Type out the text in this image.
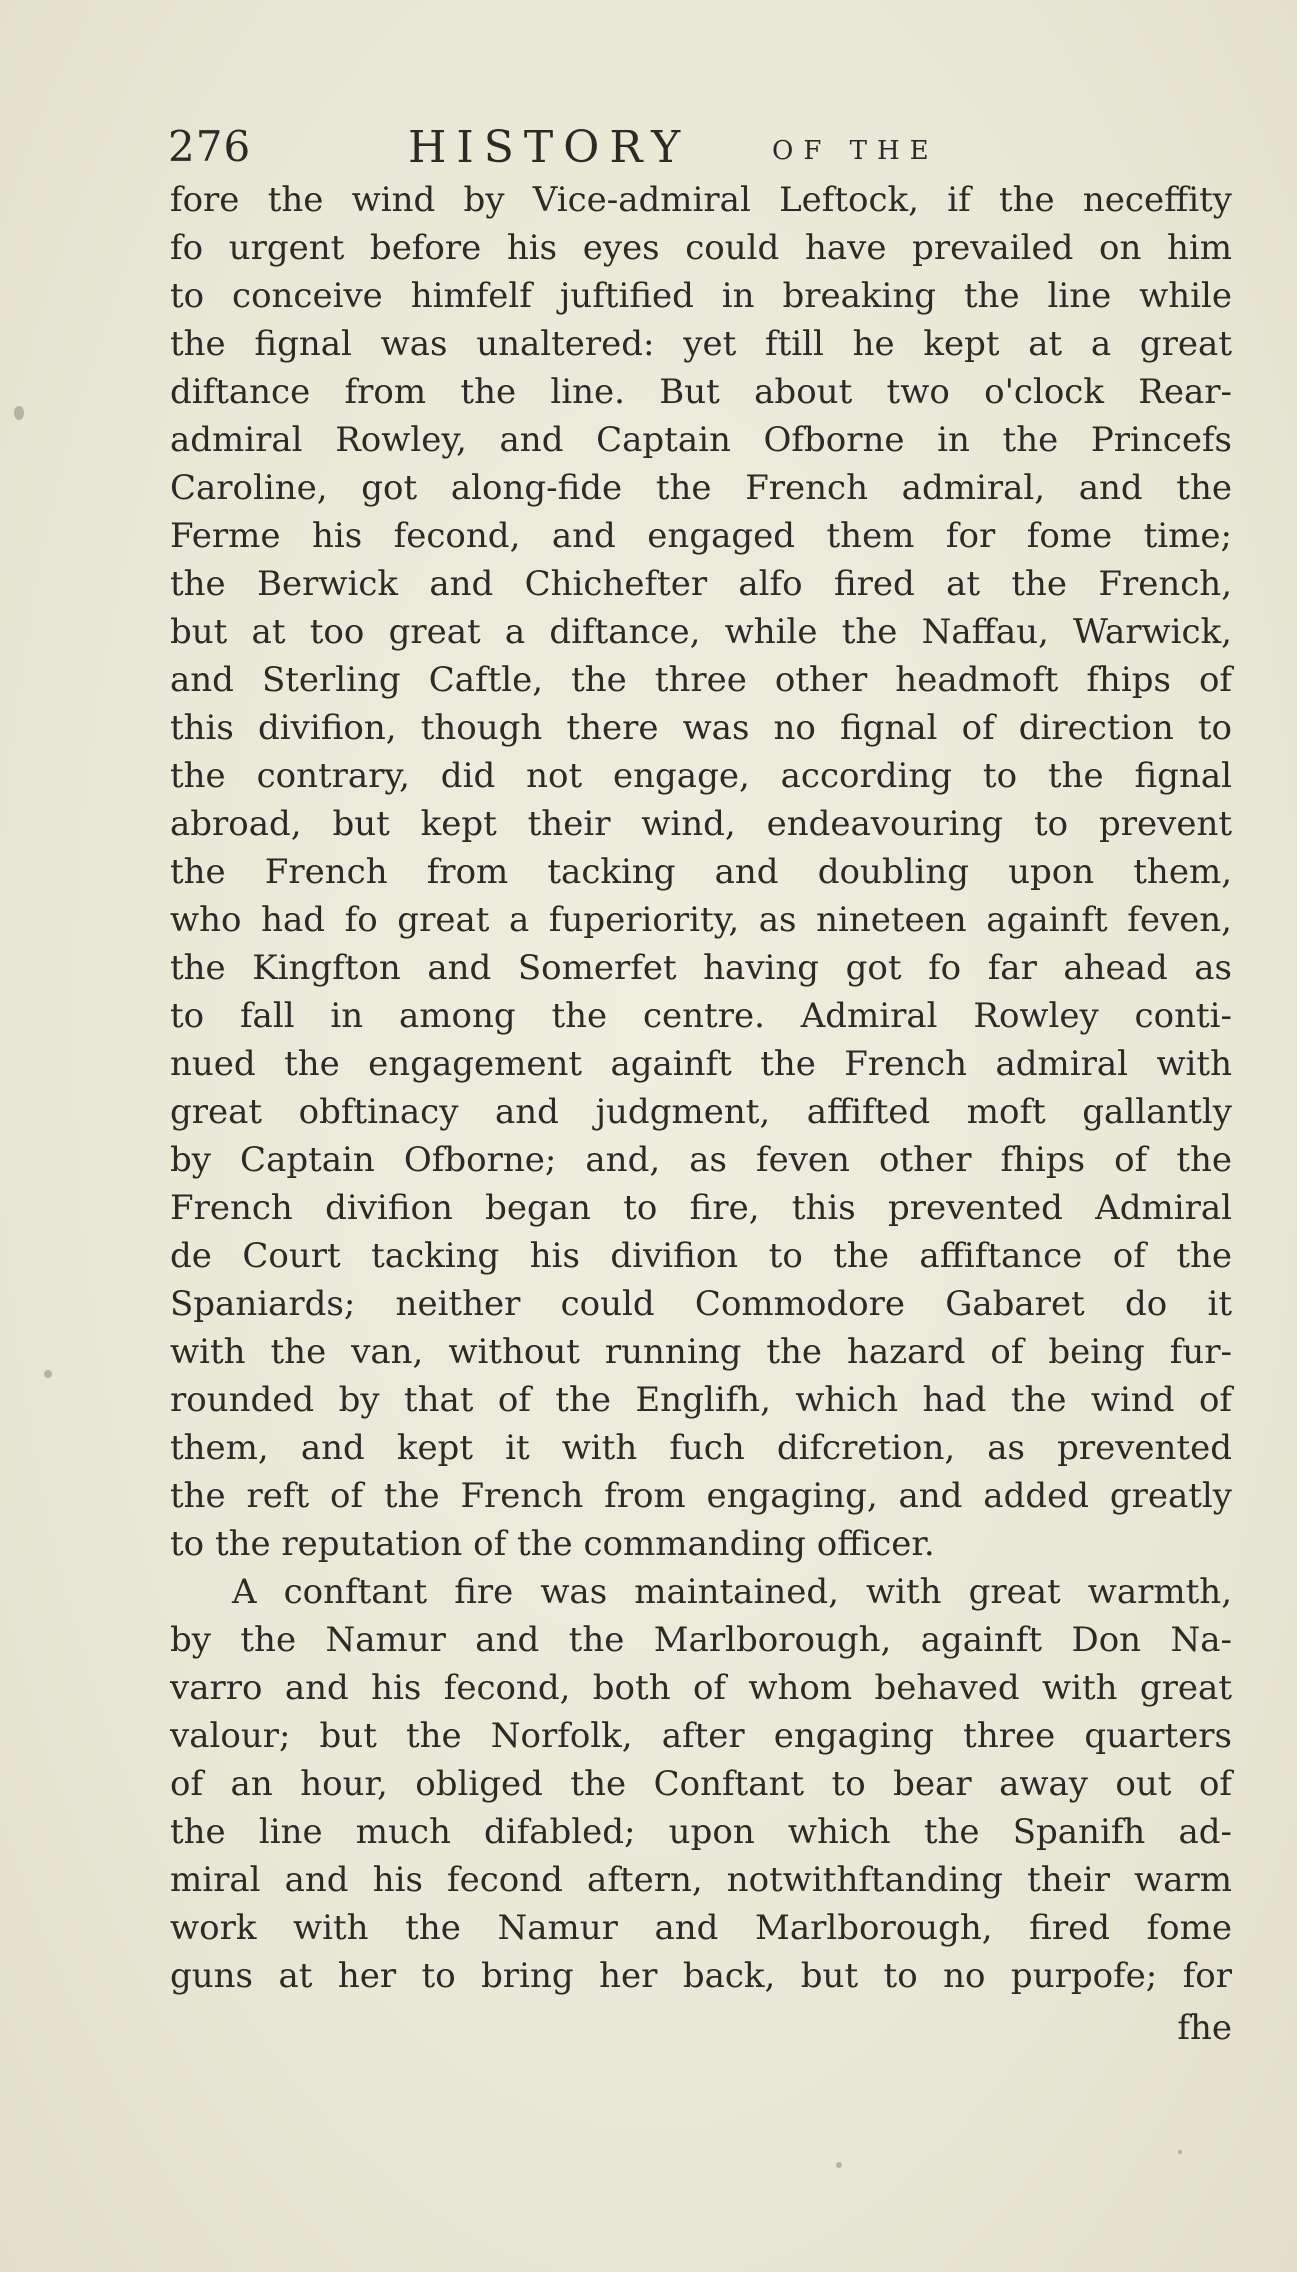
276	HISTORY	OF THE
fore the wind by Vice-admiral Leftock, if the neceffity
fo urgent before his eyes could have prevailed on him
to conceive himfelf juftified in breaking the line while
the fignal was unaltered: yet ftill he kept at a great
diftance from the line. But about two o'clock Rear-
admiral Rowley, and Captain Ofborne in the Princefs
Caroline, got along-fide the French admiral, and the
Ferme his fecond, and engaged them for fome time;
the Berwick and Chichefter alfo fired at the French,
but at too great a diftance, while the Naffau, Warwick,
and Sterling Caftle, the three other headmoft fhips of
this divifion, though there was no fignal of direction to
the contrary, did not engage, according to the fignal
abroad, but kept their wind, endeavouring to prevent
the French from tacking and doubling upon them,
who had fo great a fuperiority, as nineteen againft feven,
the Kingfton and Somerfet having got fo far ahead as
to fall in among the centre. Admiral Rowley conti-
nued the engagement againft the French admiral with
great obftinacy and judgment, affifted moft gallantly
by Captain Ofborne; and, as feven other fhips of the
French divifion began to fire, this prevented Admiral
de Court tacking his divifion to the affiftance of the
Spaniards; neither could Commodore Gabaret do it
with the van, without running the hazard of being fur-
rounded by that of the Englifh, which had the wind of
them, and kept it with fuch difcretion, as prevented
the reft of the French from engaging, and added greatly
to the reputation of the commanding officer.
A conftant fire was maintained, with great warmth,
by the Namur and the Marlborough, againft Don Na-
varro and his fecond, both of whom behaved with great
valour; but the Norfolk, after engaging three quarters
of an hour, obliged the Conftant to bear away out of
the line much difabled; upon which the Spanifh ad-
miral and his fecond aftern, notwithftanding their warm
work with the Namur and Marlborough, fired fome
guns at her to bring her back, but to no purpofe; for
fhe
